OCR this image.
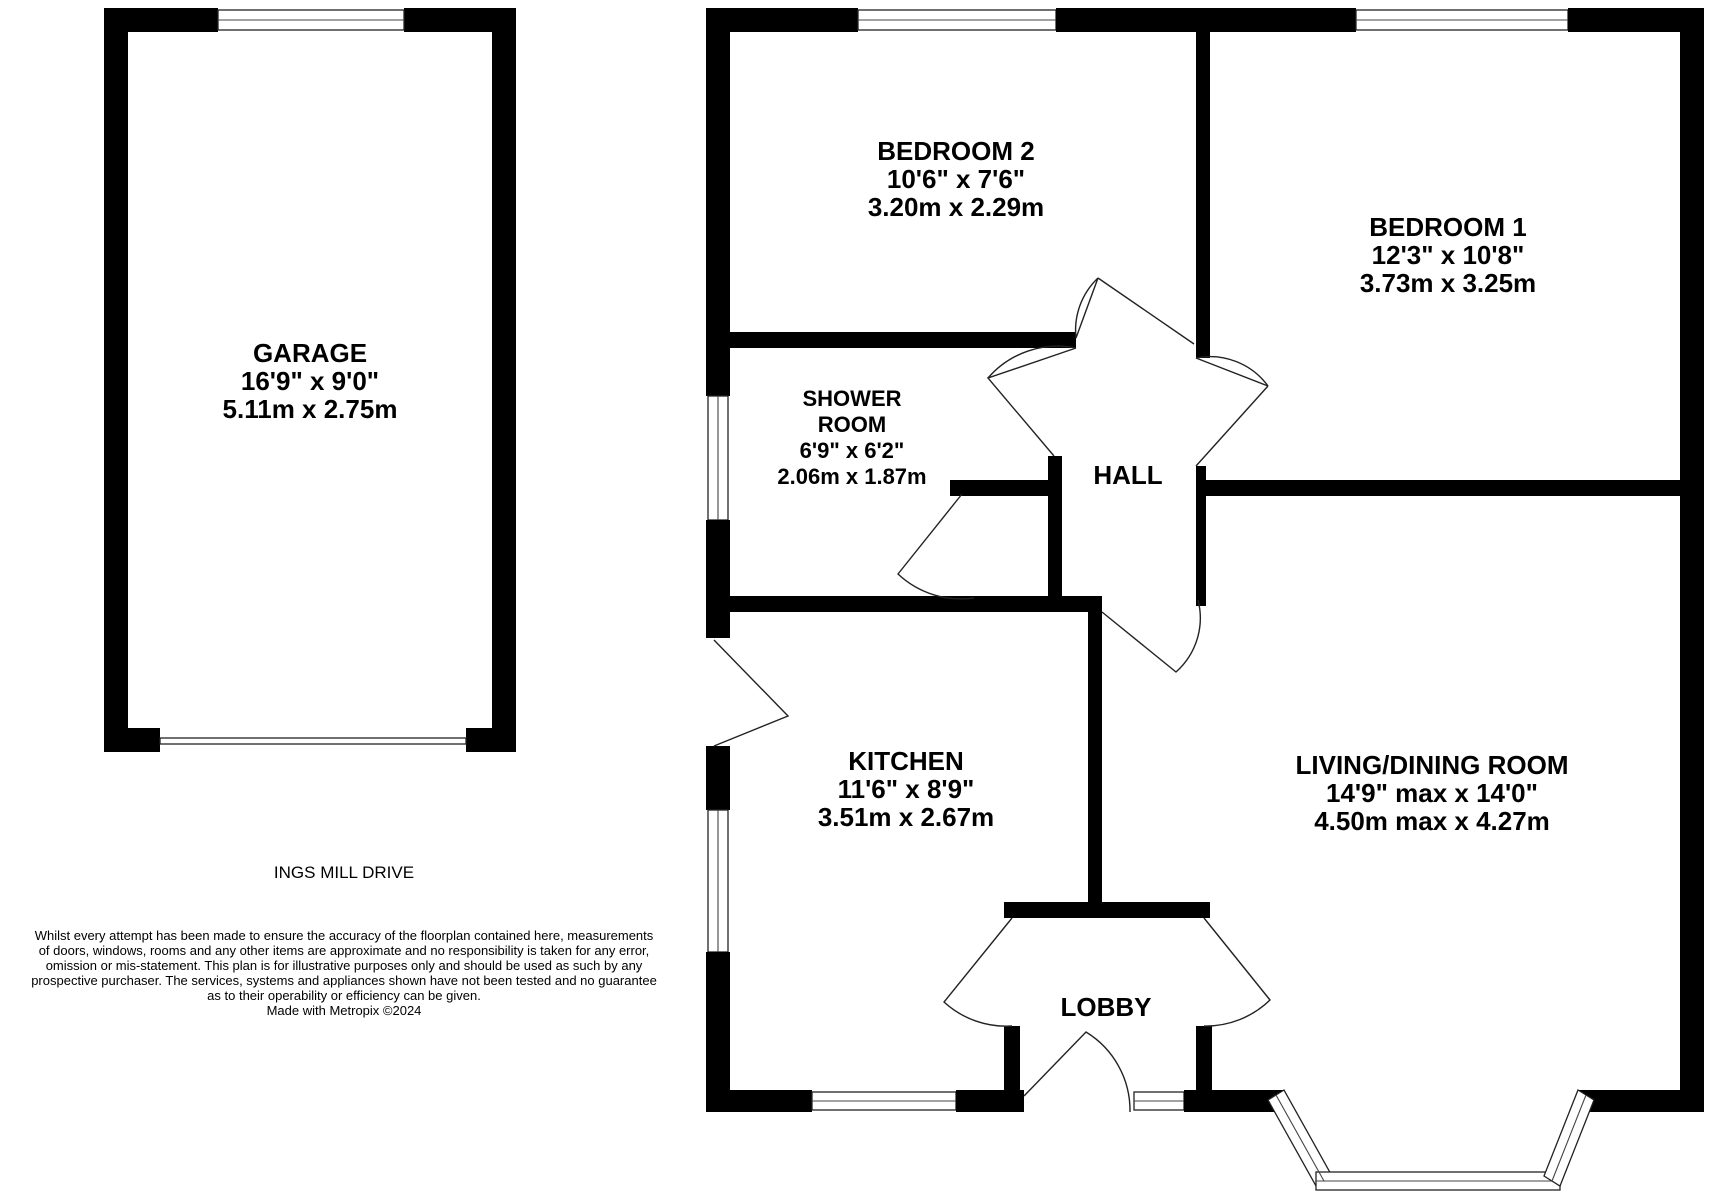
GARAGE
16'9" x 9'0"
5.11m x 2.75m
BEDROOM 2
10'6" x 7'6"
3.20m x 2.29m
BEDROOM 1
12'3" x 10'8"
3.73m x 3.25m
SHOWER
ROOM
6'9" x 6'2"
2.06m x 1.87m	HALL
KITCHEN
11'6" x 8'9"
3.51m x 2.67m
LIVING/DINING ROOM
14'9" max x 14'0"
4.50m max x 4.27m
LOBBY
INGS MILL DRIVE
Whilst every attempt has been made to ensure the accuracy of the floorplan contained here, measurements
of doors, windows, rooms and any other items are approximate and no responsibility is taken for any error,
omission or mis-statement. This plan is for illustrative purposes only and should be used as such by any
prospective purchaser. The services, systems and appliances shown have not been tested and no guarantee
as to their operability or efficiency can be given.
Made with Metropix ©2024
